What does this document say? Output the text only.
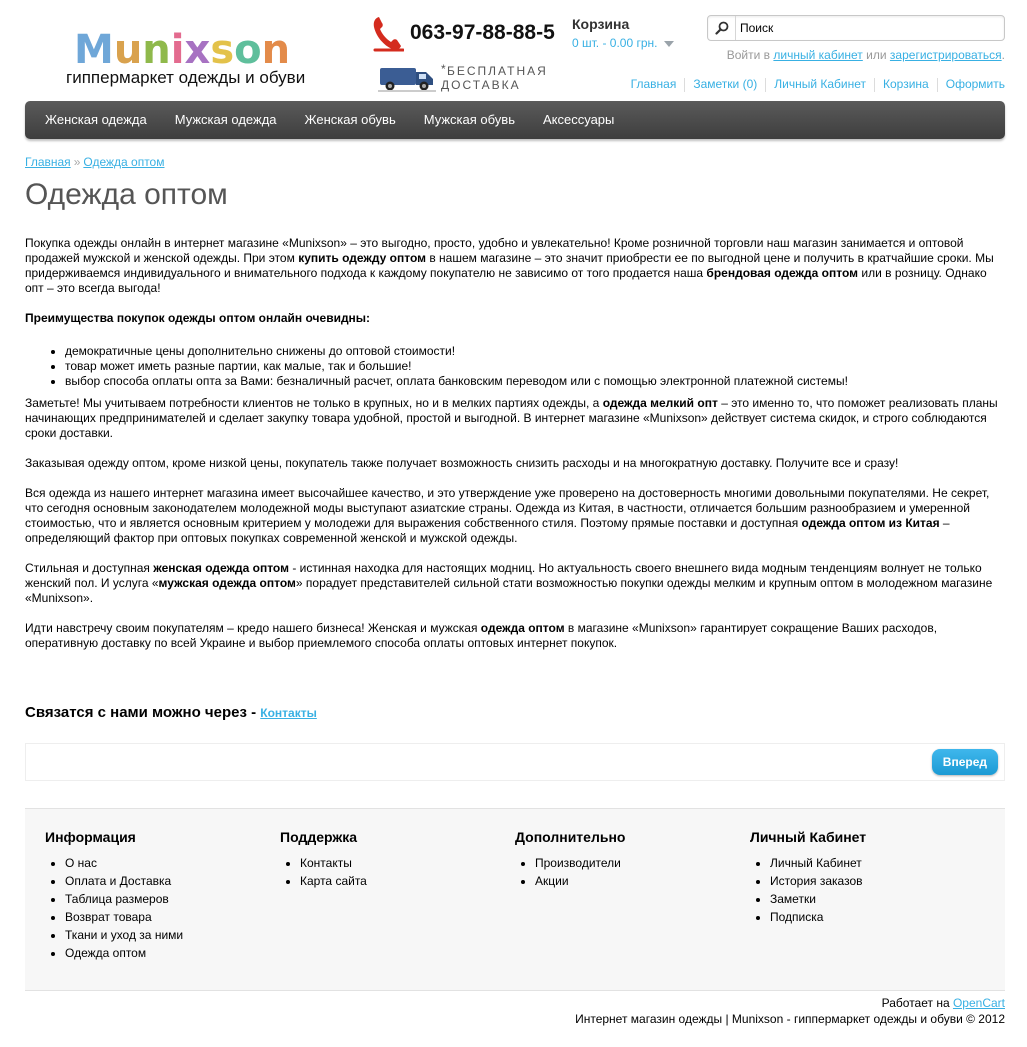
Munixson
гиппермаркет одежды и обуви
063-97-88-88-5
* БЕСПЛАТНАЯ
ДОСТАВКА
Корзина
0 шт. - 0.00 грн.
Поиск
Войти в личный кабинет или зарегистрироваться.
Главная Заметки (0) Личный Кабинет Корзина Оформить
Женская одежда	Мужская одежда	Женская обувь	Мужская обувь	Аксессуары
Главная » Одежда оптом
Одежда оптом

Покупка одежды онлайн в интернет магазине «Munixson» – это выгодно, просто, удобно и увлекательно! Кроме розничной торговли наш магазин занимается и оптовой продажей мужской и женской одежды. При этом купить одежду оптом в нашем магазине – это значит приобрести ее по выгодной цене и получить в кратчайшие сроки. Мы придерживаемся индивидуального и внимательного подхода к каждому покупателю не зависимо от того продается наша брендовая одежда оптом или в розницу. Однако опт – это всегда выгода!

Преимущества покупок одежды оптом онлайн очевидны:

• демократичные цены дополнительно снижены до оптовой стоимости!
• товар может иметь разные партии, как малые, так и большие!
• выбор способа оплаты опта за Вами: безналичный расчет, оплата банковским переводом или с помощью электронной платежной системы!

Заметьте! Мы учитываем потребности клиентов не только в крупных, но и в мелких партиях одежды, а одежда мелкий опт – это именно то, что поможет реализовать планы начинающих предпринимателей и сделает закупку товара удобной, простой и выгодной. В интернет магазине «Munixson» действует система скидок, и строго соблюдаются сроки доставки.

Заказывая одежду оптом, кроме низкой цены, покупатель также получает возможность снизить расходы и на многократную доставку. Получите все и сразу!

Вся одежда из нашего интернет магазина имеет высочайшее качество, и это утверждение уже проверено на достоверность многими довольными покупателями. Не секрет, что сегодня основным законодателем молодежной моды выступают азиатские страны. Одежда из Китая, в частности, отличается большим разнообразием и умеренной стоимостью, что и является основным критерием у молодежи для выражения собственного стиля. Поэтому прямые поставки и доступная одежда оптом из Китая – определяющий фактор при оптовых покупках современной женской и мужской одежды.

Стильная и доступная женская одежда оптом - истинная находка для настоящих модниц. Но актуальность своего внешнего вида модным тенденциям волнует не только женский пол. И услуга «мужская одежда оптом» порадует представителей сильной стати возможностью покупки одежды мелким и крупным оптом в молодежном магазине «Munixson».

Идти навстречу своим покупателям – кредо нашего бизнеса! Женская и мужская одежда оптом в магазине «Munixson» гарантирует сокращение Ваших расходов, оперативную доставку по всей Украине и выбор приемлемого способа оплаты оптовых интернет покупок.

Связатся с нами можно через - Контакты
Вперед
Информация
• О нас
• Оплата и Доставка
• Таблица размеров
• Возврат товара
• Ткани и уход за ними
• Одежда оптом
Поддержка
• Контакты
• Карта сайта
Дополнительно
• Производители
• Акции
Личный Кабинет
• Личный Кабинет
• История заказов
• Заметки
• Подписка
Работает на OpenCart
Интернет магазин одежды | Munixson - гиппермаркет одежды и обуви © 2012
